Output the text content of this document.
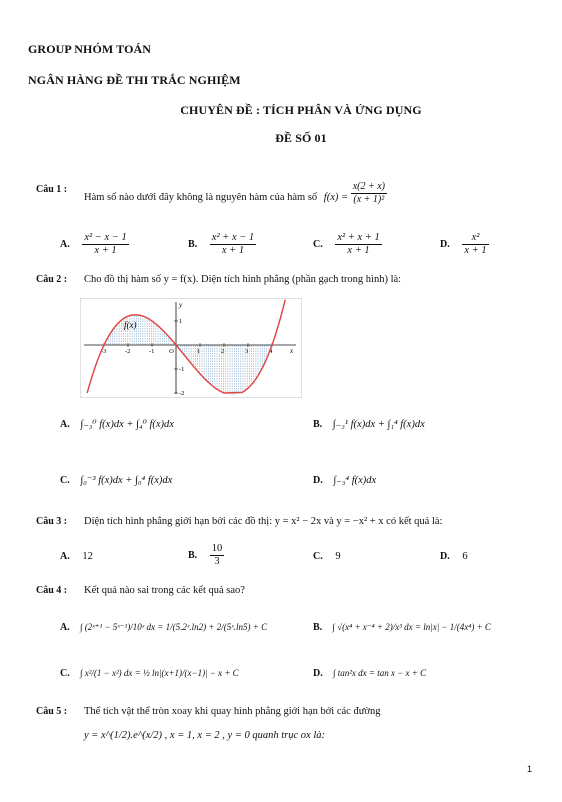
GROUP NHÓM TOÁN
NGÂN HÀNG ĐỀ THI TRẮC NGHIỆM
CHUYÊN ĐỀ : TÍCH PHÂN VÀ ỨNG DỤNG
ĐỀ SỐ 01
Câu 1 :
Hàm số nào dưới đây không là nguyên hàm của hàm số $f(x) = \frac{x(2 + x)}{\text{(x + 1)²}}$
A. $\frac{\text{x² − x − 1}}{x + 1}$	B. $\frac{\text{x² + x − 1}}{x + 1}$	C. $\frac{\text{x² + x + 1}}{x + 1}$	D. $\frac{\text{x²}}{x + 1}$
Câu 2 : Cho đồ thị hàm số y = f(x). Diện tích hình phẳng (phần gạch trong hình) là:
-3	-2	-1	1	2	3	4
1
-1
-2
O
y
x
f(x)
A. ∫₋₃⁰ f(x)dx + ∫₄⁰ f(x)dx	B. ∫₋₃¹ f(x)dx + ∫₁⁴ f(x)dx
C. ∫₀⁻³ f(x)dx + ∫₀⁴ f(x)dx	D. ∫₋₃⁴ f(x)dx
Câu 3 : Diện tích hình phẳng giới hạn bởi các đồ thị: y = x² − 2x và y = −x² + x có kết quả là:
A. 12	B. $\frac{10}{3}$	C. 9	D. 6
Câu 4 : Kết quả nào sai trong các kết quả sao?
A. ∫ (2ˣ⁺¹ − 5ˣ⁻¹)/10ˣ dx = 1/(5.2ˣ.ln2) + 2/(5ˣ.ln5) + C	B. ∫ √(x⁴ + x⁻⁴ + 2)/x³ dx = ln|x| − 1/(4x⁴) + C
C. ∫ x²/(1 − x²) dx = ½ ln|(x+1)/(x−1)| − x + C	D. ∫ tan²x dx = tan x − x + C
Câu 5 : Thể tích vật thể tròn xoay khi quay hình phẳng giới hạn bởi các đường
y = x^(1/2).e^(x/2) , x = 1, x = 2 , y = 0 quanh trục ox là:
1
